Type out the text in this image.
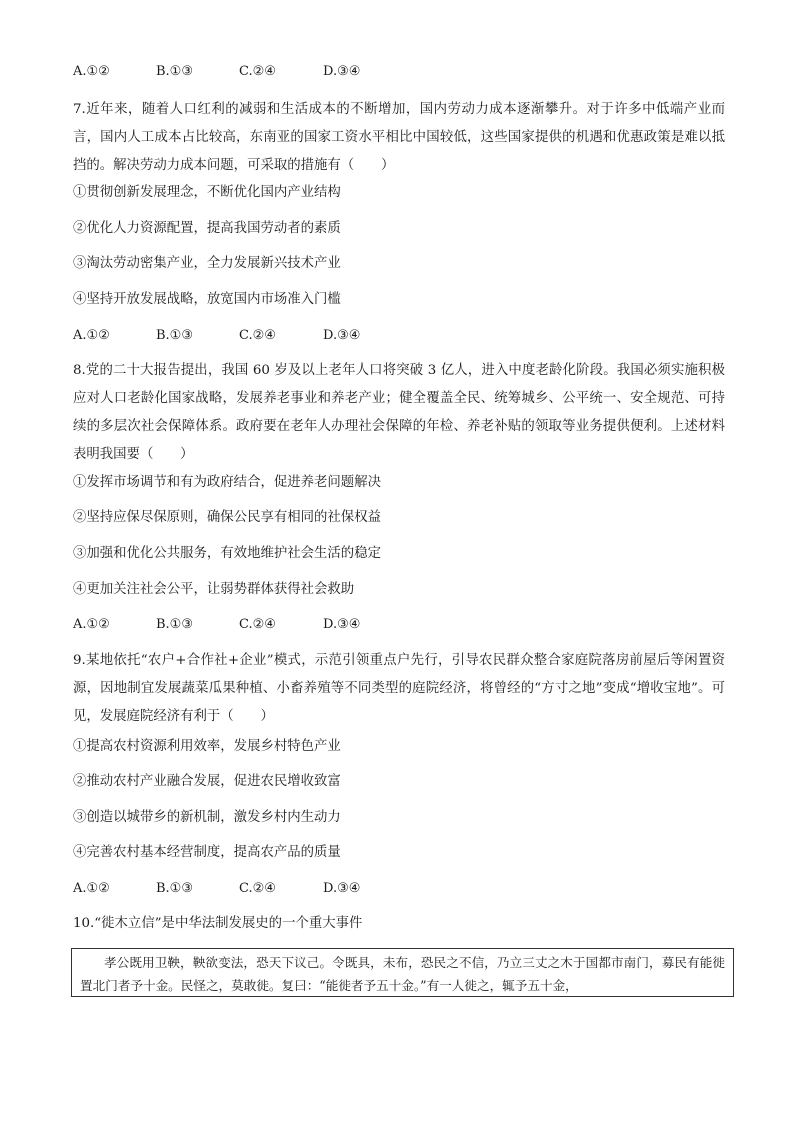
A.①②	B.①③	C.②④	D.③④
7.近年来，随着人口红利的减弱和生活成本的不断增加，国内劳动力成本逐渐攀升。对于许多中低端产业而言，国内人工成本占比较高，东南亚的国家工资水平相比中国较低，这些国家提供的机遇和优惠政策是难以抵挡的。解决劳动力成本问题，可采取的措施有（　　）
①贯彻创新发展理念，不断优化国内产业结构
②优化人力资源配置，提高我国劳动者的素质
③淘汰劳动密集产业，全力发展新兴技术产业
④坚持开放发展战略，放宽国内市场准入门槛
A.①②	B.①③	C.②④	D.③④
8.党的二十大报告提出，我国 60 岁及以上老年人口将突破 3 亿人，进入中度老龄化阶段。我国必须实施积极应对人口老龄化国家战略，发展养老事业和养老产业；健全覆盖全民、统筹城乡、公平统一、安全规范、可持续的多层次社会保障体系。政府要在老年人办理社会保障的年检、养老补贴的领取等业务提供便利。上述材料表明我国要（　　）
①发挥市场调节和有为政府结合，促进养老问题解决
②坚持应保尽保原则，确保公民享有相同的社保权益
③加强和优化公共服务，有效地维护社会生活的稳定
④更加关注社会公平，让弱势群体获得社会救助
A.①②	B.①③	C.②④	D.③④
9.某地依托“农户+合作社+企业”模式，示范引领重点户先行，引导农民群众整合家庭院落房前屋后等闲置资源，因地制宜发展蔬菜瓜果种植、小畜养殖等不同类型的庭院经济，将曾经的“方寸之地”变成“增收宝地”。可见，发展庭院经济有利于（　　）
①提高农村资源利用效率，发展乡村特色产业
②推动农村产业融合发展，促进农民增收致富
③创造以城带乡的新机制，激发乡村内生动力
④完善农村基本经营制度，提高农产品的质量
A.①②	B.①③	C.②④	D.③④
10.“徙木立信”是中华法制发展史的一个重大事件
孝公既用卫鞅，鞅欲变法，恐天下议己。令既具，未布，恐民之不信，乃立三丈之木于国都市南门，募民有能徙置北门者予十金。民怪之，莫敢徙。复曰：“能徙者予五十金。”有一人徙之，辄予五十金，
